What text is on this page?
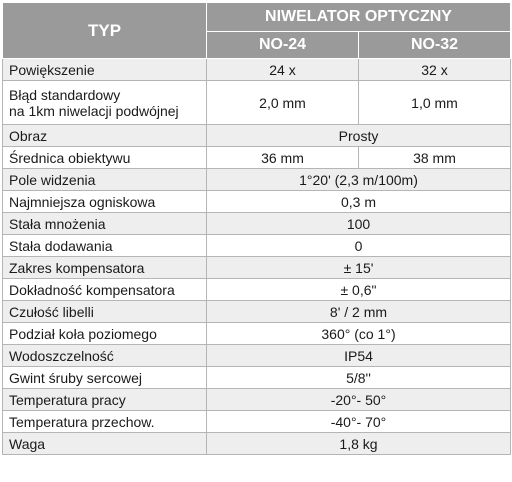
TYP	NIWELATOR OPTYCZNY	
	NO-24	NO-32
Powiększenie	24 x	32 x
Błąd standardowy
na 1km niwelacji podwójnej	2,0 mm	1,0 mm
Obraz	Prosty	
Średnica obiektywu	36 mm	38 mm
Pole widzenia	1°20' (2,3 m/100m)	
Najmniejsza ogniskowa	0,3 m	
Stała mnożenia	100	
Stała dodawania	0	
Zakres kompensatora	± 15'	
Dokładność kompensatora	± 0,6"	
Czułość libelli	8' / 2 mm	
Podział koła poziomego	360° (co 1°)	
Wodoszczelność	IP54	
Gwint śruby sercowej	5/8''	
Temperatura pracy	-20°- 50°	
Temperatura przechow.	-40°- 70°	
Waga	1,8 kg	
